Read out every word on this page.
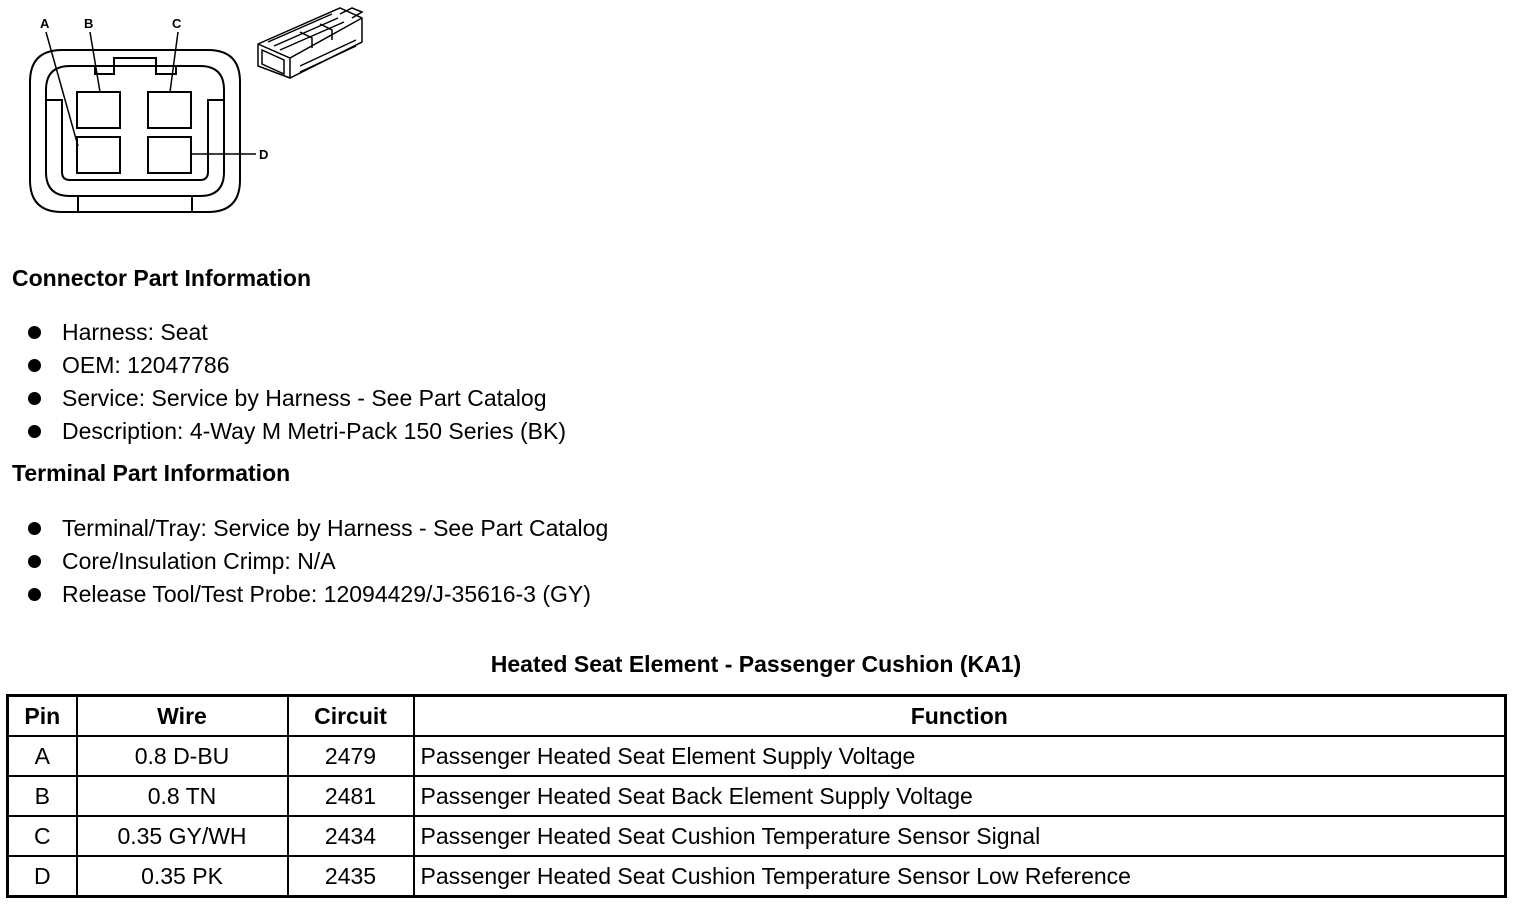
A	B	C
D
Connector Part Information
Harness: Seat
OEM: 12047786
Service: Service by Harness - See Part Catalog
Description: 4-Way M Metri-Pack 150 Series (BK)
Terminal Part Information
Terminal/Tray: Service by Harness - See Part Catalog
Core/Insulation Crimp: N/A
Release Tool/Test Probe: 12094429/J-35616-3 (GY)
Heated Seat Element - Passenger Cushion (KA1)
Pin	Wire	Circuit	Function
A	0.8 D-BU	2479	Passenger Heated Seat Element Supply Voltage
B	0.8 TN	2481	Passenger Heated Seat Back Element Supply Voltage
C	0.35 GY/WH	2434	Passenger Heated Seat Cushion Temperature Sensor Signal
D	0.35 PK	2435	Passenger Heated Seat Cushion Temperature Sensor Low Reference
